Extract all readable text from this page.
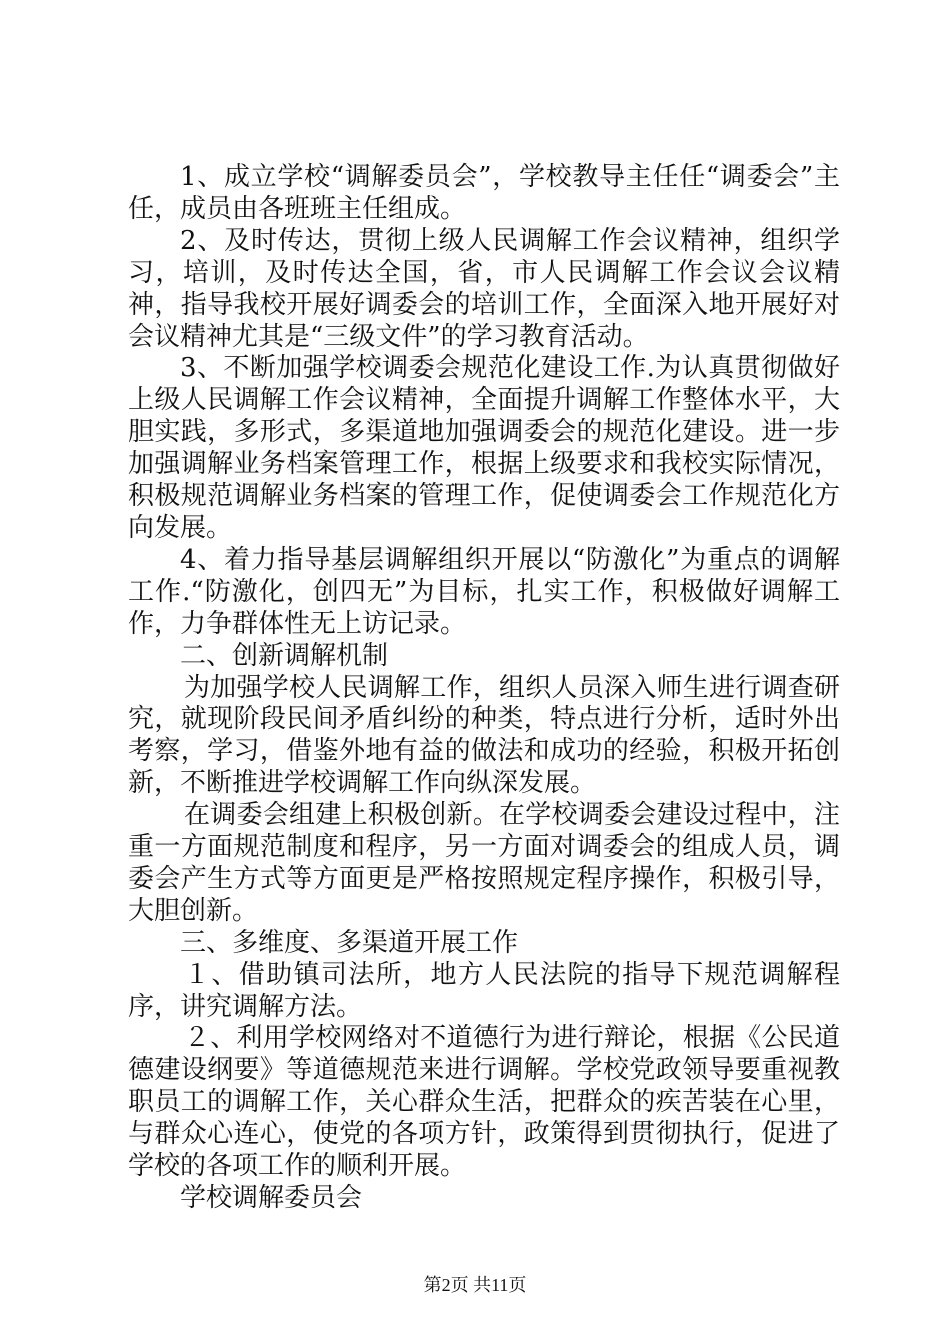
1、成立学校“调解委员会”，学校教导主任任“调委会”主任，成员由各班班主任组成。

2、及时传达，贯彻上级人民调解工作会议精神，组织学习，培训，及时传达全国，省，市人民调解工作会议会议精神，指导我校开展好调委会的培训工作，全面深入地开展好对会议精神尤其是“三级文件”的学习教育活动。

3、不断加强学校调委会规范化建设工作.为认真贯彻做好上级人民调解工作会议精神，全面提升调解工作整体水平，大胆实践，多形式，多渠道地加强调委会的规范化建设。进一步加强调解业务档案管理工作，根据上级要求和我校实际情况，积极规范调解业务档案的管理工作，促使调委会工作规范化方向发展。

4、着力指导基层调解组织开展以“防激化”为重点的调解工作.“防激化，创四无”为目标，扎实工作，积极做好调解工作，力争群体性无上访记录。

二、创新调解机制

为加强学校人民调解工作，组织人员深入师生进行调查研究，就现阶段民间矛盾纠纷的种类，特点进行分析，适时外出考察，学习，借鉴外地有益的做法和成功的经验，积极开拓创新，不断推进学校调解工作向纵深发展。

在调委会组建上积极创新。在学校调委会建设过程中，注重一方面规范制度和程序，另一方面对调委会的组成人员，调委会产生方式等方面更是严格按照规定程序操作，积极引导，大胆创新。

三、多维度、多渠道开展工作

１、借助镇司法所，地方人民法院的指导下规范调解程序，讲究调解方法。

２、利用学校网络对不道德行为进行辩论，根据《公民道德建设纲要》等道德规范来进行调解。学校党政领导要重视教职员工的调解工作，关心群众生活，把群众的疾苦装在心里，与群众心连心，使党的各项方针，政策得到贯彻执行，促进了学校的各项工作的顺利开展。

学校调解委员会

第2页 共11页
